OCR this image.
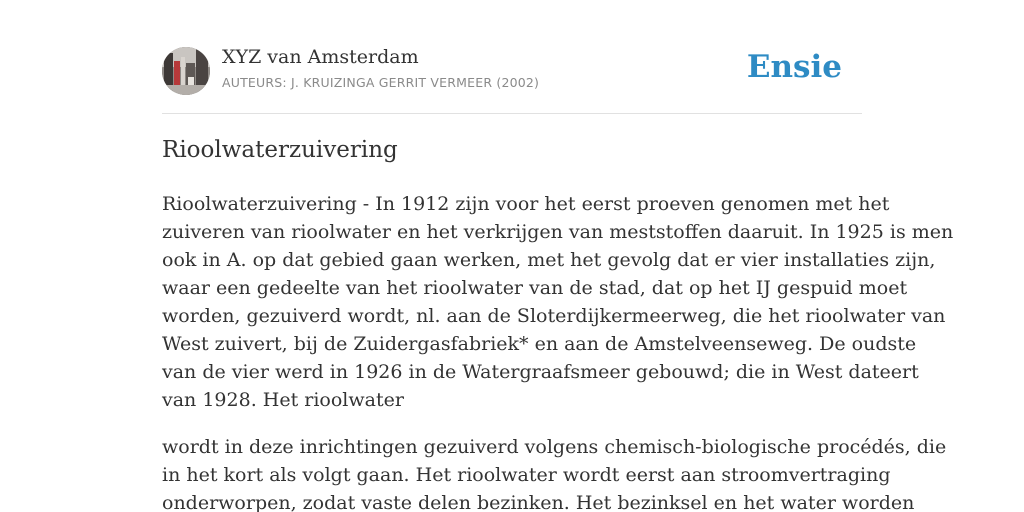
XYZ van Amsterdam
AUTEURS: J. KRUIZINGA GERRIT VERMEER (2002)	Ensie
Rioolwaterzuivering

Rioolwaterzuivering - In 1912 zijn voor het eerst proeven genomen met het
zuiveren van rioolwater en het verkrijgen van meststoffen daaruit. In 1925 is men
ook in A. op dat gebied gaan werken, met het gevolg dat er vier installaties zijn,
waar een gedeelte van het rioolwater van de stad, dat op het IJ gespuid moet
worden, gezuiverd wordt, nl. aan de Sloterdijkermeerweg, die het rioolwater van
West zuivert, bij de Zuidergasfabriek* en aan de Amstelveenseweg. De oudste
van de vier werd in 1926 in de Watergraafsmeer gebouwd; die in West dateert
van 1928. Het rioolwater

wordt in deze inrichtingen gezuiverd volgens chemisch-biologische procédés, die
in het kort als volgt gaan. Het rioolwater wordt eerst aan stroomvertraging
onderworpen, zodat vaste delen bezinken. Het bezinksel en het water worden
